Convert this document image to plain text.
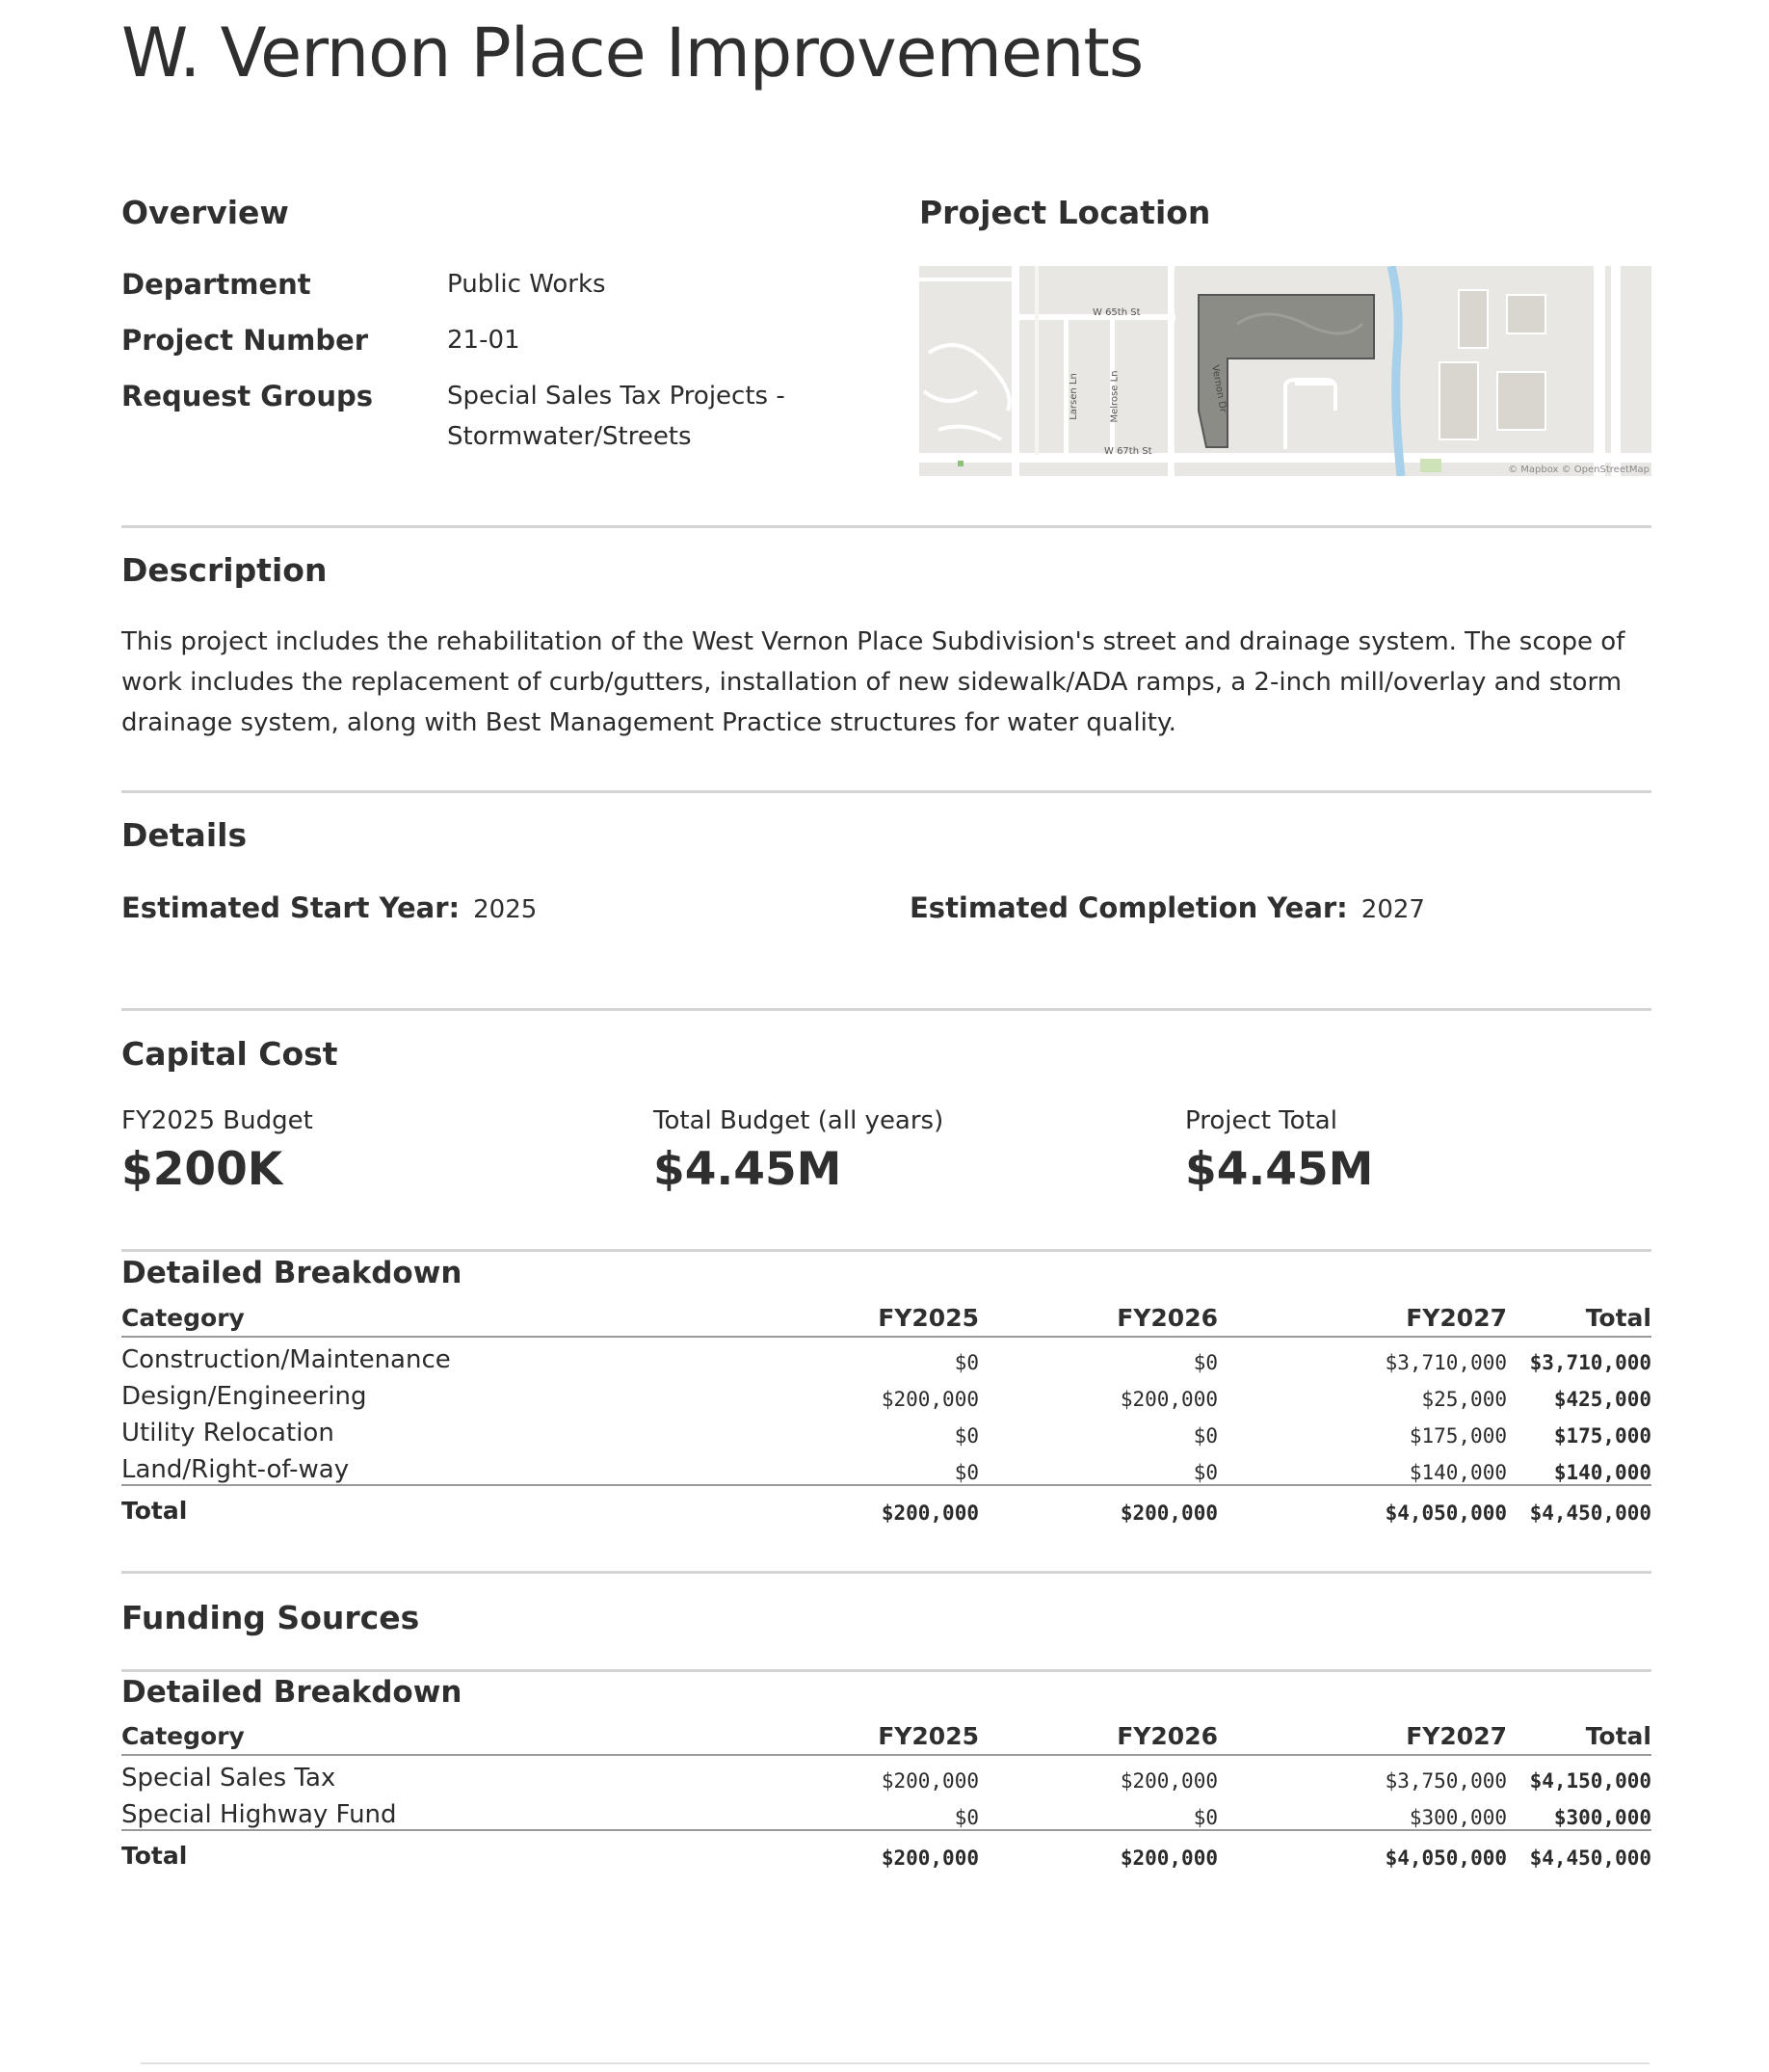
W. Vernon Place Improvements
Overview
Department	Public Works
Project Number	21-01
Request Groups	Special Sales Tax Projects -
Stormwater/Streets
Project Location
W 65th St
W 67th St
Melrose Ln
Larsen Ln	Vernon Dr
© Mapbox © OpenStreetMap
Description

This project includes the rehabilitation of the West Vernon Place Subdivision's street and drainage system. The scope of work includes the replacement of curb/gutters, installation of new sidewalk/ADA ramps, a 2-inch mill/overlay and storm drainage system, along with Best Management Practice structures for water quality.

Details
Estimated Start Year: 2025	Estimated Completion Year: 2027
Capital Cost
FY2025 Budget
$200K
Total Budget (all years)
$4.45M
Project Total
$4.45M
Detailed Breakdown
Category	FY2025	FY2026	FY2027	Total
Construction/Maintenance	$0	$0	$3,710,000	$3,710,000
Design/Engineering	$200,000	$200,000	$25,000	$425,000
Utility Relocation	$0	$0	$175,000	$175,000
Land/Right-of-way	$0	$0	$140,000	$140,000
Total	$200,000	$200,000	$4,050,000	$4,450,000
Funding Sources
Detailed Breakdown
Category	FY2025	FY2026	FY2027	Total
Special Sales Tax	$200,000	$200,000	$3,750,000	$4,150,000
Special Highway Fund	$0	$0	$300,000	$300,000
Total	$200,000	$200,000	$4,050,000	$4,450,000
